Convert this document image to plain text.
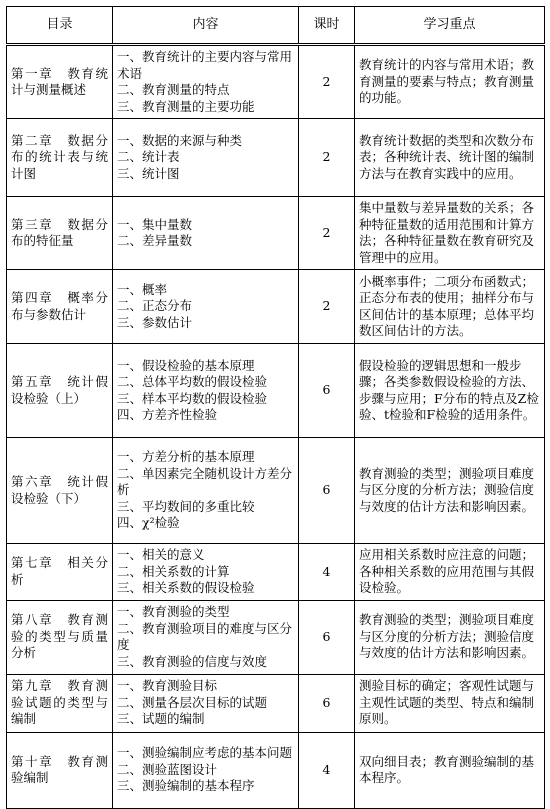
目录	内容	课时	学习重点
第一章　教育统计与测量概述	一、教育统计的主要内容与常用术语
二、教育测量的特点
三、教育测量的主要功能	2	教育统计的内容与常用术语；教育测量的要素与特点；教育测量的功能。
第二章　数据分布的统计表与统计图	一、数据的来源与种类
二、统计表
三、统计图	2	教育统计数据的类型和次数分布表；各种统计表、统计图的编制方法与在教育实践中的应用。
第三章　数据分布的特征量	一、集中量数
二、差异量数	2	集中量数与差异量数的关系；各种特征量数的适用范围和计算方法；各种特征量数在教育研究及管理中的应用。
第四章　概率分布与参数估计	一、概率
二、正态分布
三、参数估计	2	小概率事件；二项分布函数式；正态分布表的使用；抽样分布与区间估计的基本原理；总体平均数区间估计的方法。
第五章　统计假设检验（上）	一、假设检验的基本原理
二、总体平均数的假设检验
三、样本平均数的假设检验
四、方差齐性检验	6	假设检验的逻辑思想和一般步骤；各类参数假设检验的方法、步骤与应用；F分布的特点及Z检验、t检验和F检验的适用条件。
第六章　统计假设检验（下）	一、方差分析的基本原理
二、单因素完全随机设计方差分析
三、平均数间的多重比较
四、χ²检验	6	教育测验的类型；测验项目难度与区分度的分析方法；测验信度与效度的估计方法和影响因素。
第七章　相关分析	一、相关的意义
二、相关系数的计算
三、相关系数的假设检验	4	应用相关系数时应注意的问题；各种相关系数的应用范围与其假设检验。
第八章　教育测验的类型与质量分析	一、教育测验的类型
二、教育测验项目的难度与区分度
三、教育测验的信度与效度	6	教育测验的类型；测验项目难度与区分度的分析方法；测验信度与效度的估计方法和影响因素。
第九章　教育测验试题的类型与编制	一、教育测验目标
二、测量各层次目标的试题
三、试题的编制	6	测验目标的确定；客观性试题与主观性试题的类型、特点和编制原则。
第十章　教育测验编制	一、测验编制应考虑的基本问题
二、测验蓝图设计
三、测验编制的基本程序	4	双向细目表；教育测验编制的基本程序。
